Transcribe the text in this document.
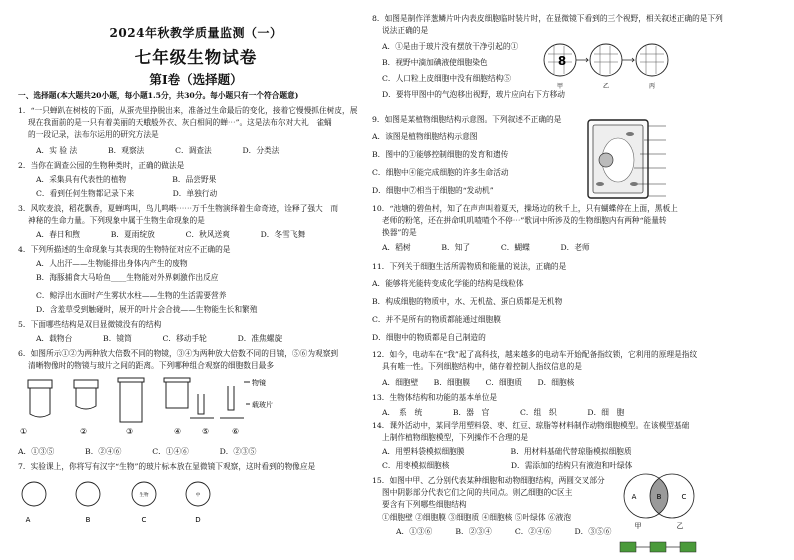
2024年秋教学质量监测（一）
七年级生物试卷
第Ⅰ卷（选择题）
一、选择题(本大题共20小题，每小题1.5分，共30分。每小题只有一个符合题意)
1．“一只蝉趴在树枝的下面，从蛋壳里挣脱出来，准备过生命最后的变化，接着它慢慢抓住树皮，展
现在我面前的是一只有着美丽的天蛾般外衣、灰白相间的蝉⋯”。这是法布尔对大礼　雀蛹
的一段记录，法布尔运用的研究方法是
A．实 验 法　　　　B．观察法　　　　C．调查法　　　　D．分类法
2．当你在调查公园的生物种类时，正确的做法是
A．采集具有代表性的植物　　　　　　B．品尝野果
C．看到任何生物都记录下来　　　　　D．单独行动
3．风吹麦浪，稻花飘香，夏蝉鸣叫，鸟儿鸣啭⋯⋯万千生物演绎着生命奇迹，诠释了强大　而
神秘的生命力量。下列现象中属于生物生命现象的是
A．春日和煦　　　　B．夏雨绽放　　　　C．秋风送爽　　　　D．冬雪飞舞
4．下列所描述的生命现象与其表现的生物特征对应不正确的是
A．人出汗——生物能排出身体内产生的废物
B．海豚捕食大马哈鱼____生物能对外界刺激作出反应
C．鲸浮出水面时产生雾状水柱——生物的生活需要营养
D．含羞草受到触碰时，展开的叶片会合拢——生物能生长和繁殖
5．下面哪些结构是双目显微镜没有的结构
A．载物台　　　　B．镜筒　　　　C．移动手轮　　　　D．准焦螺旋
6．如图所示①②为两种放大倍数不同的物镜，③④为两种放大倍数不同的目镜，⑤⑥为观察到
清晰物像时的物镜与玻片之间的距离。下列哪种组合观察的细胞数目最多
物镜
载玻片
①	②	③	④	⑤	⑥
A．①③⑤　　　　B．②④⑥　　　　C．①④⑥　　　　D．②③⑤
7．实验课上，你将写有汉字“生物”的玻片标本放在显微镜下观察，这时看到的物像应是
生物	中
A	B	C	D
8．如图是制作洋葱鳞片叶内表皮细胞临时装片时，在显微镜下看到的三个视野，相关叙述正确的是下列
说法正确的是
A．①是由于玻片没有摆放干净引起的①
B．视野中滴加碘液使细胞染色
C．人口粒上皮细胞中没有细胞结构⑤
D．要将甲图中的气泡移出视野，玻片应向右下方移动
8
甲	乙	丙
9．如图是某植物细胞结构示意图。下列叙述不正确的是
A．该图是植物细胞结构示意图
B．图中的①能够控制细胞的发育和遗传
C．细胞中④能完成细胞的许多生命活动
D．细胞中⑦相当于细胞的“发动机”
10．“池塘的碧鱼村，知了在声声叫着夏天，操场边的秋千上，只有蝴蝶停在上面，黑板上
老师的粉笔，还在拼命叽叽喳喳个不停⋯”歌词中所涉及的生物细胞内有两种“能量转
换器”的是
A．稻树　　　　B．知了　　　　C．蝴蝶　　　　D．老师
11．下列关于细胞生活所需物质和能量的说法，正确的是
A．能够将光能转变成化学能的结构是线粒体
B．构成细胞的物质中，水、无机盐、蛋白质都是无机物
C．并不是所有的物质都能通过细胞膜
D．细胞中的物质都是自己制造的
12．如今，电动车在“我”起了高科技，越来越多的电动车开始配备指纹锁，它利用的原理是指纹
具有唯一性。下列细胞结构中，储存着控制人指纹信息的是
A．细胞壁　　B．细胞膜　　C．细胞质　　D．细胞核
13．生物体结构和功能的基本单位是
A．　系　统　　　　B．器　官　　　　C．组　织　　　　D．细　胞
14．课外活动中，某同学用塑料袋、枣、红豆、琼脂等材料制作动物细胞模型。在该模型基础
上制作植物细胞模型，下列操作不合理的是
A．用塑料袋模拟细胞膜　　　　　　B．用材料基础代替琼脂模拟细胞质
C．用枣模拟细胞核　　　　　　　　D．需添加的结构只有液泡和叶绿体
15．如图中甲、乙分别代表某种细胞和动物细胞结构，两圆交叉部分
图中阴影部分代表它们之间的共同点。则乙细胞的C区主
要含有下列哪些细胞结构
①细胞壁 ②细胞膜 ③细胞质 ④细胞核 ⑤叶绿体 ⑥液泡
A．①③⑥　　　B．②③④　　　C．②④⑥　　　D．③⑤⑥
A	B	C
甲	乙
